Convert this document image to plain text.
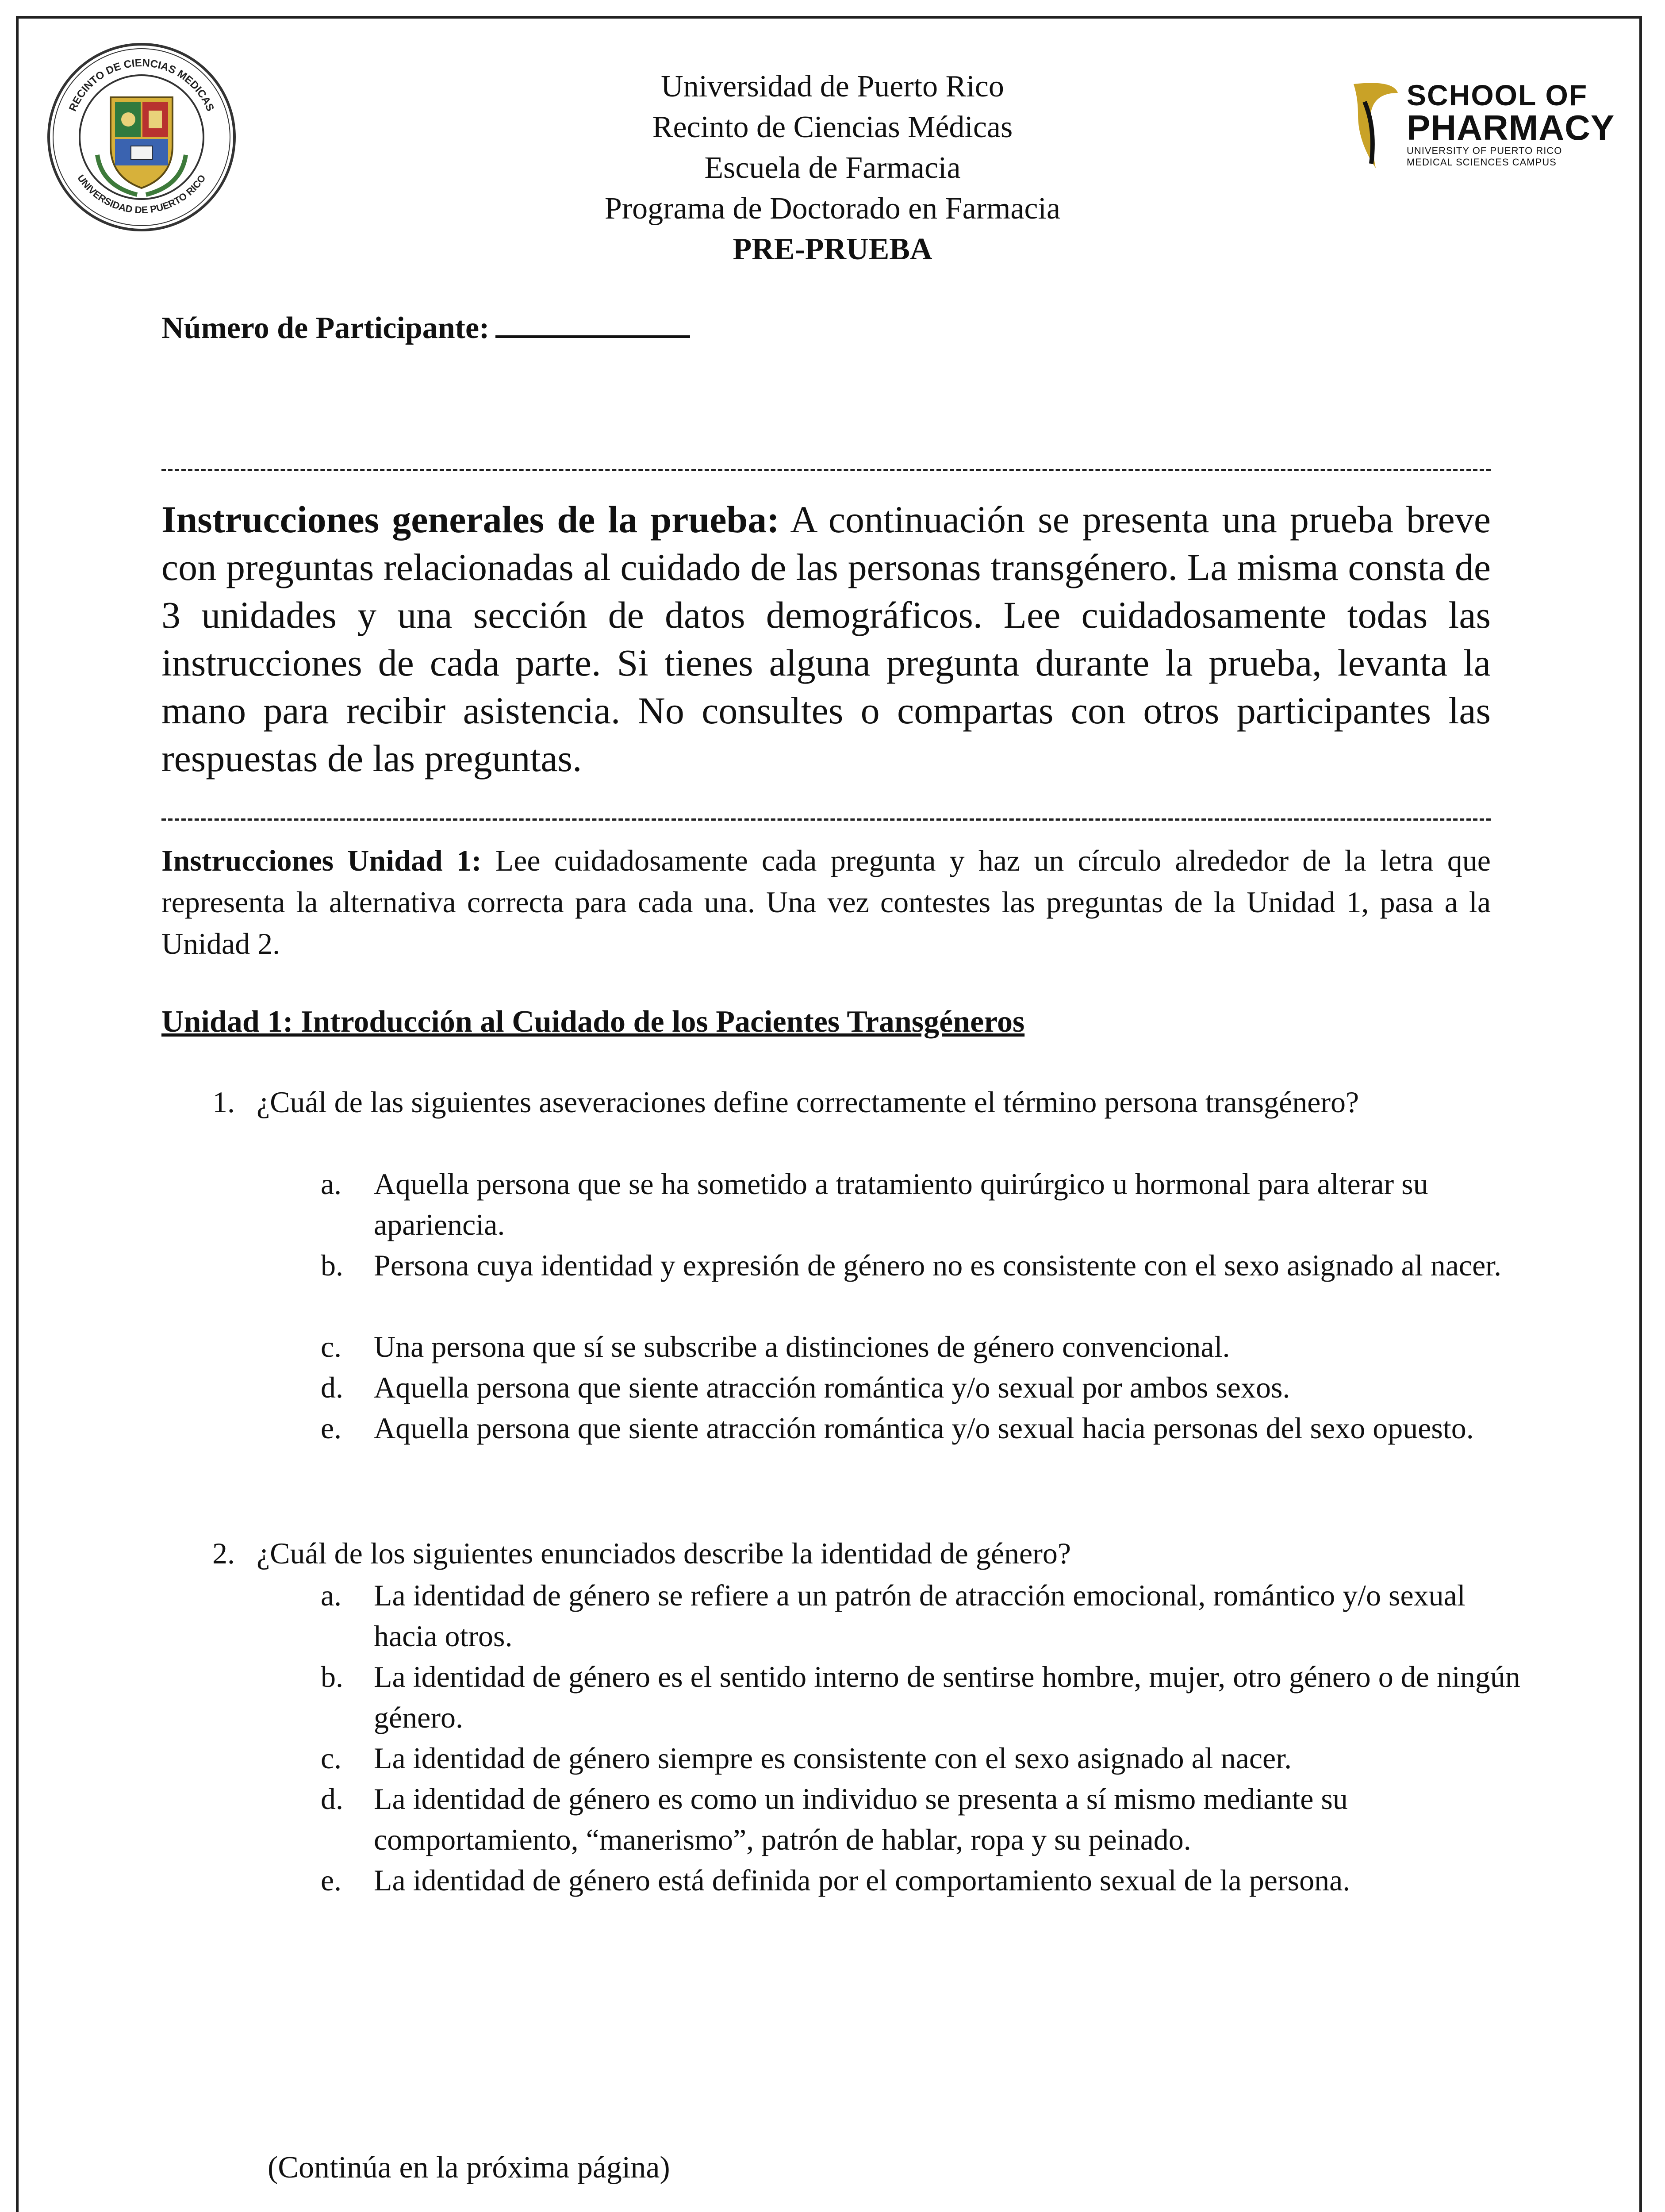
RECINTO DE CIENCIAS MEDICAS
UNIVERSIDAD DE PUERTO RICO
Universidad de Puerto Rico
Recinto de Ciencias Médicas
Escuela de Farmacia
Programa de Doctorado en Farmacia
PRE-PRUEBA
SCHOOL OF
PHARMACY
UNIVERSITY OF PUERTO RICO
MEDICAL SCIENCES CAMPUS
Número de Participante:
Instrucciones generales de la prueba: A continuación se presenta una prueba breve con preguntas relacionadas al cuidado de las personas transgénero. La misma consta de 3 unidades y una sección de datos demográficos. Lee cuidadosamente todas las instrucciones de cada parte. Si tienes alguna pregunta durante la prueba, levanta la mano para recibir asistencia. No consultes o compartas con otros participantes las respuestas de las preguntas.
Instrucciones Unidad 1: Lee cuidadosamente cada pregunta y haz un círculo alrededor de la letra que representa la alternativa correcta para cada una. Una vez contestes las preguntas de la Unidad 1, pasa a la Unidad 2.
Unidad 1: Introducción al Cuidado de los Pacientes Transgéneros
1. ¿Cuál de las siguientes aseveraciones define correctamente el término persona transgénero?
a. Aquella persona que se ha sometido a tratamiento quirúrgico u hormonal para alterar su apariencia.
b. Persona cuya identidad y expresión de género no es consistente con el sexo asignado al nacer.
c. Una persona que sí se subscribe a distinciones de género convencional.
d. Aquella persona que siente atracción romántica y/o sexual por ambos sexos.
e. Aquella persona que siente atracción romántica y/o sexual hacia personas del sexo opuesto.
2. ¿Cuál de los siguientes enunciados describe la identidad de género?
a. La identidad de género se refiere a un patrón de atracción emocional, romántico y/o sexual hacia otros.
b. La identidad de género es el sentido interno de sentirse hombre, mujer, otro género o de ningún género.
c. La identidad de género siempre es consistente con el sexo asignado al nacer.
d. La identidad de género es como un individuo se presenta a sí mismo mediante su comportamiento, “manerismo”, patrón de hablar, ropa y su peinado.
e. La identidad de género está definida por el comportamiento sexual de la persona.
(Continúa en la próxima página)
